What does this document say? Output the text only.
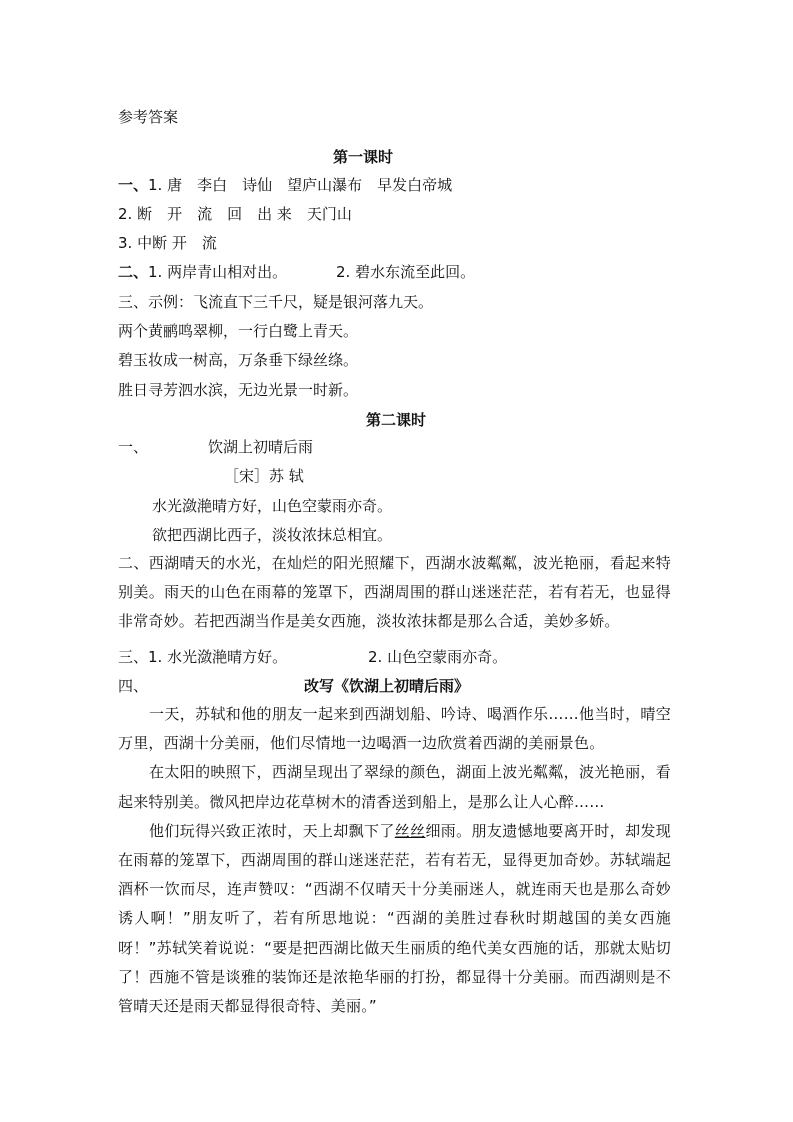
参考答案
第一课时
一、1. 唐　李白　诗仙　望庐山瀑布　早发白帝城
2. 断　开　流　回　出 来　天门山
3. 中断 开　流
二、1. 两岸青山相对出。	2. 碧水东流至此回。
三、示例：飞流直下三千尺，疑是银河落九天。
两个黄鹂鸣翠柳，一行白鹭上青天。
碧玉妆成一树高，万条垂下绿丝绦。
胜日寻芳泗水滨，无边光景一时新。
第二课时
一、	饮湖上初晴后雨
［宋］苏 轼
水光潋滟晴方好，山色空蒙雨亦奇。
欲把西湖比西子，淡妆浓抹总相宜。

二、西湖晴天的水光，在灿烂的阳光照耀下，西湖水波粼粼，波光艳丽，看起来特别美。雨天的山色在雨幕的笼罩下，西湖周围的群山迷迷茫茫，若有若无，也显得非常奇妙。若把西湖当作是美女西施，淡妆浓抹都是那么合适，美妙多娇。

三、1. 水光潋滟晴方好。	2. 山色空蒙雨亦奇。
四、	改写《饮湖上初晴后雨》

一天，苏轼和他的朋友一起来到西湖划船、吟诗、喝酒作乐……他当时，晴空万里，西湖十分美丽，他们尽情地一边喝酒一边欣赏着西湖的美丽景色。

在太阳的映照下，西湖呈现出了翠绿的颜色，湖面上波光粼粼，波光艳丽，看起来特别美。微风把岸边花草树木的清香送到船上，是那么让人心醉……

他们玩得兴致正浓时，天上却飘下了丝丝细雨。朋友遗憾地要离开时，却发现在雨幕的笼罩下，西湖周围的群山迷迷茫茫，若有若无，显得更加奇妙。苏轼端起酒杯一饮而尽，连声赞叹：“西湖不仅晴天十分美丽迷人，就连雨天也是那么奇妙诱人啊！”朋友听了，若有所思地说：“西湖的美胜过春秋时期越国的美女西施呀！”苏轼笑着说说：“要是把西湖比做天生丽质的绝代美女西施的话，那就太贴切了！西施不管是谈雅的装饰还是浓艳华丽的打扮，都显得十分美丽。而西湖则是不管晴天还是雨天都显得很奇特、美丽。”
